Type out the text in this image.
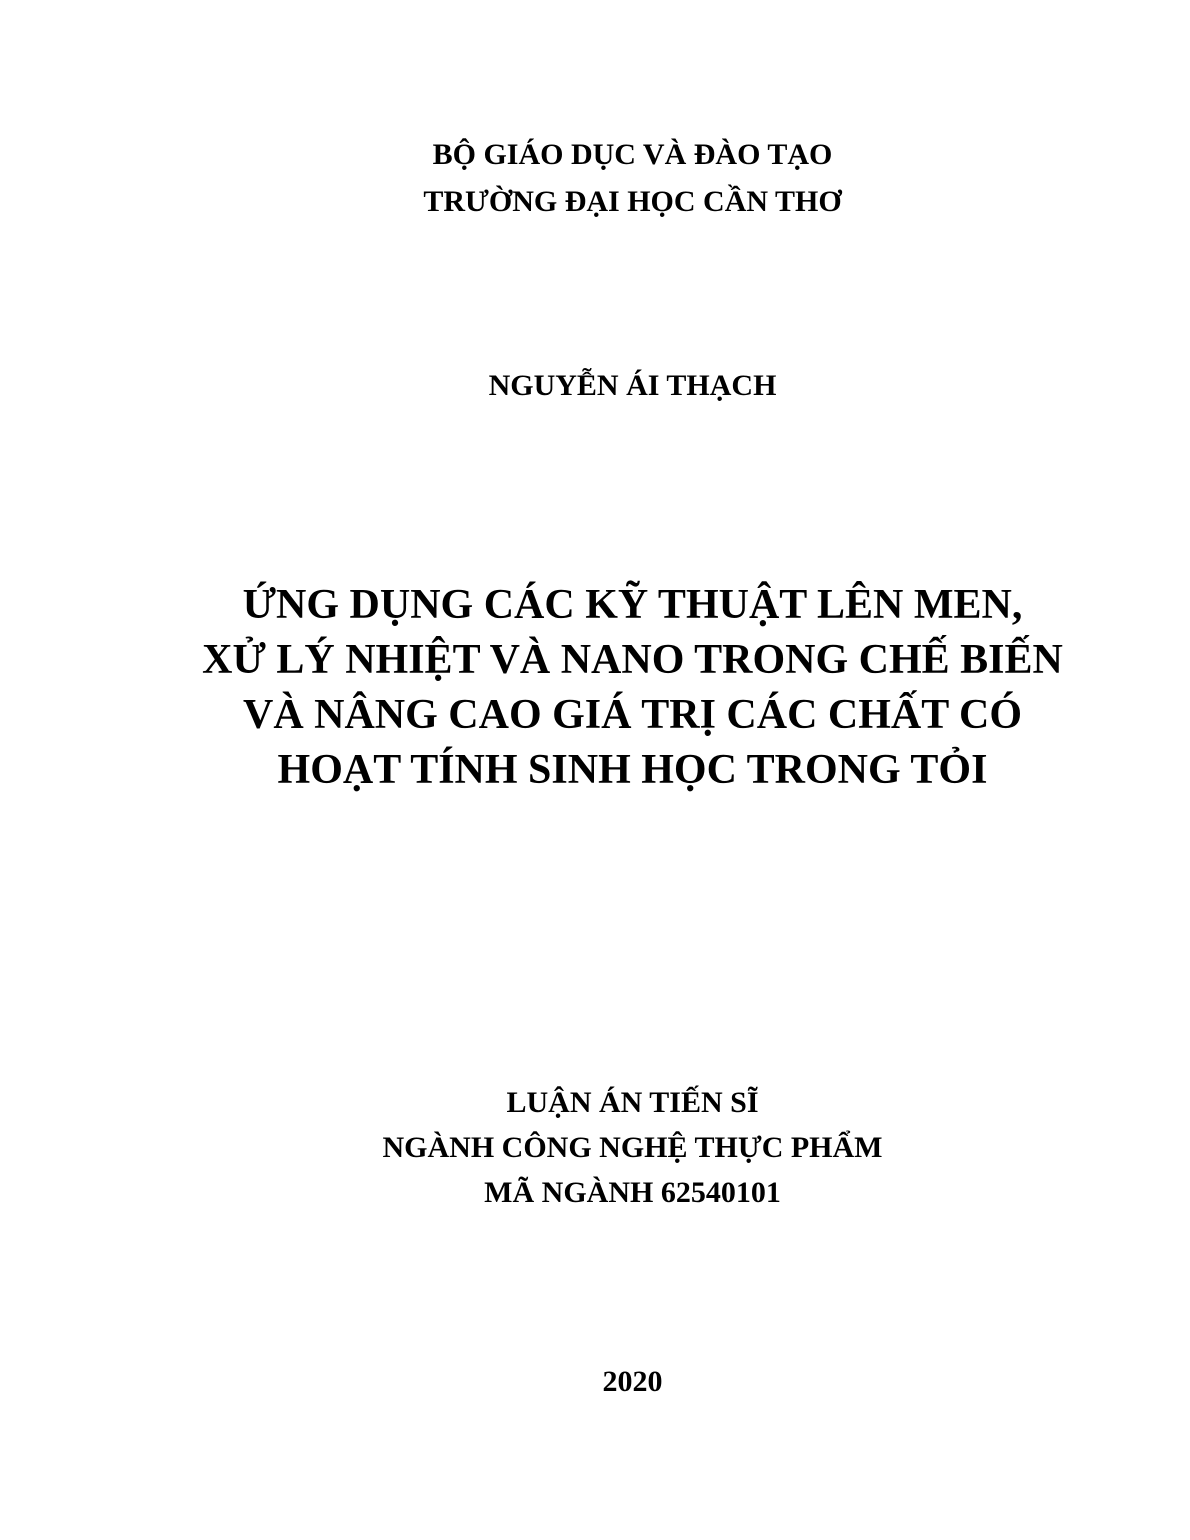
BỘ GIÁO DỤC VÀ ĐÀO TẠO
TRƯỜNG ĐẠI HỌC CẦN THƠ
NGUYỄN ÁI THẠCH
ỨNG DỤNG CÁC KỸ THUẬT LÊN MEN,
XỬ LÝ NHIỆT VÀ NANO TRONG CHẾ BIẾN
VÀ NÂNG CAO GIÁ TRỊ CÁC CHẤT CÓ
HOẠT TÍNH SINH HỌC TRONG TỎI
LUẬN ÁN TIẾN SĨ
NGÀNH CÔNG NGHỆ THỰC PHẨM
MÃ NGÀNH 62540101
2020
